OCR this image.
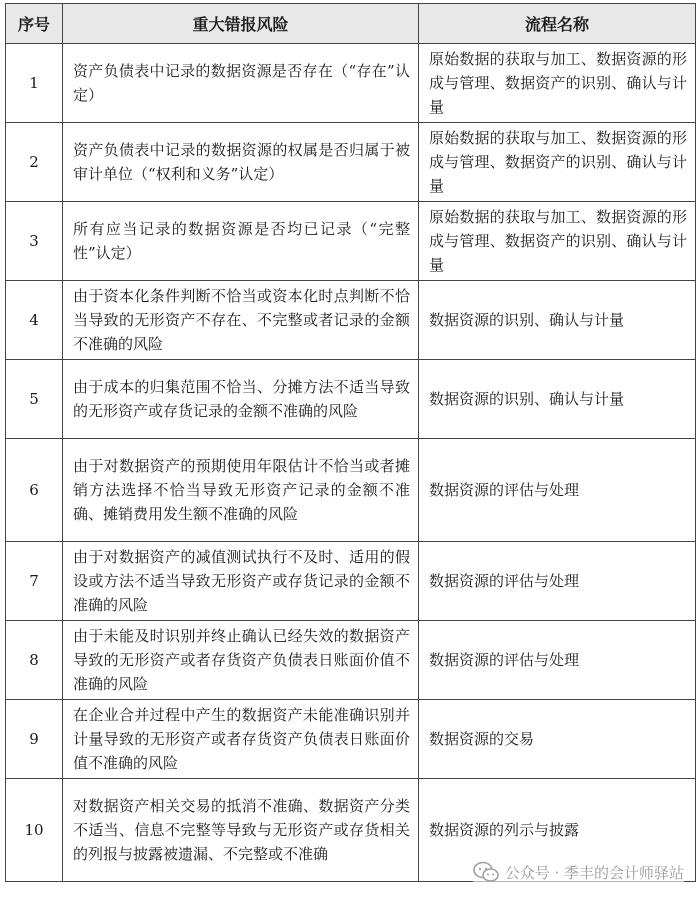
序号	重大错报风险	流程名称
1	资产负债表中记录的数据资源是否存在（“存在”认定）	原始数据的获取与加工、数据资源的形成与管理、数据资产的识别、确认与计量
2	资产负债表中记录的数据资源的权属是否归属于被审计单位（“权利和义务”认定）	原始数据的获取与加工、数据资源的形成与管理、数据资产的识别、确认与计量
3	所有应当记录的数据资源是否均已记录（“完整性”认定）	原始数据的获取与加工、数据资源的形成与管理、数据资产的识别、确认与计量
4	由于资本化条件判断不恰当或资本化时点判断不恰当导致的无形资产不存在、不完整或者记录的金额不准确的风险	数据资源的识别、确认与计量
5	由于成本的归集范围不恰当、分摊方法不适当导致的无形资产或存货记录的金额不准确的风险	数据资源的识别、确认与计量
6	由于对数据资产的预期使用年限估计不恰当或者摊销方法选择不恰当导致无形资产记录的金额不准确、摊销费用发生额不准确的风险	数据资源的评估与处理
7	由于对数据资产的减值测试执行不及时、适用的假设或方法不适当导致无形资产或存货记录的金额不准确的风险	数据资源的评估与处理
8	由于未能及时识别并终止确认已经失效的数据资产导致的无形资产或者存货资产负债表日账面价值不准确的风险	数据资源的评估与处理
9	在企业合并过程中产生的数据资产未能准确识别并计量导致的无形资产或者存货资产负债表日账面价值不准确的风险	数据资源的交易
10	对数据资产相关交易的抵消不准确、数据资产分类不适当、信息不完整等导致与无形资产或存货相关的列报与披露被遗漏、不完整或不准确	数据资源的列示与披露
公众号 · 季丰的会计师驿站
